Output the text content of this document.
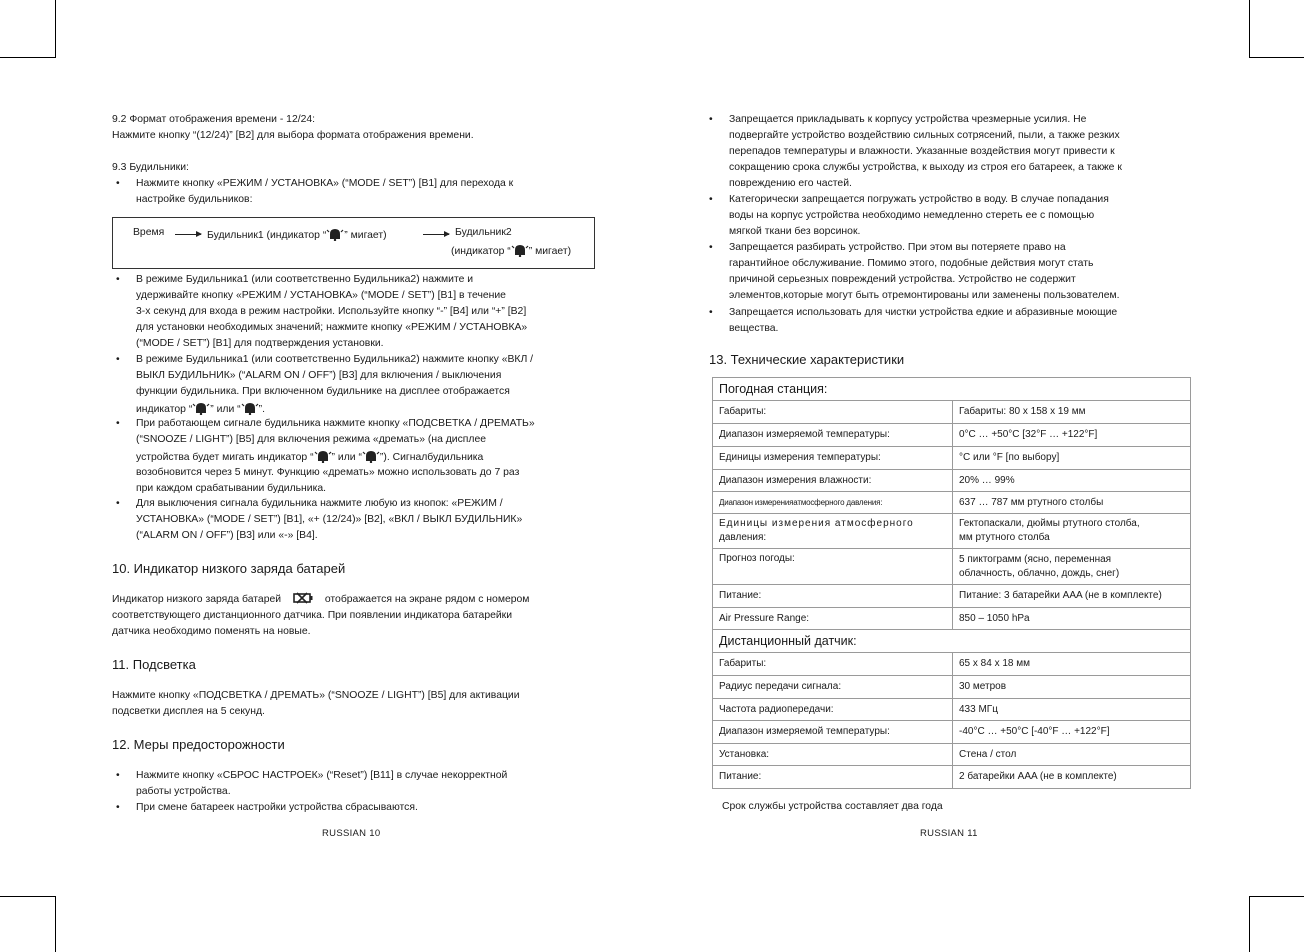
9.2 Формат отображения времени - 12/24:

Нажмите кнопку “(12/24)” [B2] для выбора формата отображения времени.

9.3 Будильники:

• Нажмите кнопку «РЕЖИМ / УСТАНОВКА» (“MODE / SET”) [B1] для перехода к
настройке будильников:
Время	Будильник1 (индикатор “ ” мигает)	Будильник2
(индикатор “ ” мигает)
• В режиме Будильника1 (или соответственно Будильника2) нажмите и
удерживайте кнопку «РЕЖИМ / УСТАНОВКА» (“MODE / SET”) [B1] в течение
3-х секунд для входа в режим настройки. Используйте кнопку “-” [B4] или “+” [B2]
для установки необходимых значений; нажмите кнопку «РЕЖИМ / УСТАНОВКА»
(“MODE / SET”) [B1] для подтверждения установки.
• В режиме Будильника1 (или соответственно Будильника2) нажмите кнопку «ВКЛ /
ВЫКЛ БУДИЛЬНИК» (“ALARM ON / OFF”) [B3] для включения / выключения
функции будильника. При включенном будильнике на дисплее отображается
индикатор “ ” или “ ”.
• При работающем сигнале будильника нажмите кнопку «ПОДСВЕТКА / ДРЕМАТЬ»
(“SNOOZE / LIGHT”) [B5] для включения режима «дремать» (на дисплее
устройства будет мигать индикатор “ ” или “ ”). Сигналбудильника
возобновится через 5 минут. Функцию «дремать» можно использовать до 7 раз
при каждом срабатывании будильника.
• Для выключения сигнала будильника нажмите любую из кнопок: «РЕЖИМ /
УСТАНОВКА» (“MODE / SET”) [B1], «+ (12/24)» [B2], «ВКЛ / ВЫКЛ БУДИЛЬНИК»
(“ALARM ON / OFF”) [B3] или «-» [B4].
10. Индикатор низкого заряда батарей

Индикатор низкого заряда батарей	отображается на экране рядом с номером

соответствующего дистанционного датчика. При появлении индикатора батарейки

датчика необходимо поменять на новые.

11. Подсветка

Нажмите кнопку «ПОДСВЕТКА / ДРЕМАТЬ» (“SNOOZE / LIGHT”) [B5] для активации

подсветки дисплея на 5 секунд.

12. Меры предосторожности
• Нажмите кнопку «СБРОС НАСТРОЕК» (“Reset”) [B11] в случае некорректной
работы устройства.
• При смене батареек настройки устройства сбрасываются.
RUSSIAN 10
• Запрещается прикладывать к корпусу устройства чрезмерные усилия. Не
подвергайте устройство воздействию сильных сотрясений, пыли, а также резких
перепадов температуры и влажности. Указанные воздействия могут привести к
сокращению срока службы устройства, к выходу из строя его батареек, а также к
повреждению его частей.
• Категорически запрещается погружать устройство в воду. В случае попадания
воды на корпус устройства необходимо немедленно стереть ее с помощью
мягкой ткани без ворсинок.
• Запрещается разбирать устройство. При этом вы потеряете право на
гарантийное обслуживание. Помимо этого, подобные действия могут стать
причиной серьезных повреждений устройства. Устройство не содержит
элементов,которые могут быть отремонтированы или заменены пользователем.
• Запрещается использовать для чистки устройства едкие и абразивные моющие
вещества.
13. Технические характеристики
Погодная станция:	
Габариты:	Габариты: 80 x 158 x 19 мм
Диапазон измеряемой температуры:	0°C … +50°C [32°F … +122°F]
Единицы измерения температуры:	°C или °F [по выбору]
Диапазон измерения влажности:	20% … 99%
Диапазон измеренияатмосферного давления:	637 … 787 мм ртутного столбы
Единицы измерения атмосферного
давления:	Гектопаскали, дюймы ртутного столба,
мм ртутного столба
Прогноз погоды:	5 пиктограмм (ясно, переменная
облачность, облачно, дождь, снег)
Питание:	Питание: 3 батарейки AAA (не в комплекте)
Air Pressure Range:	850 – 1050 hPa
Дистанционный датчик:	
Габариты:	65 x 84 x 18 мм
Радиус передачи сигнала:	30 метров
Частота радиопередачи:	433 МГц
Диапазон измеряемой температуры:	-40°C … +50°C [-40°F … +122°F]
Установка:	Стена / стол
Питание:	2 батарейки AAA (не в комплекте)

Срок службы устройства составляет два года

RUSSIAN 11
